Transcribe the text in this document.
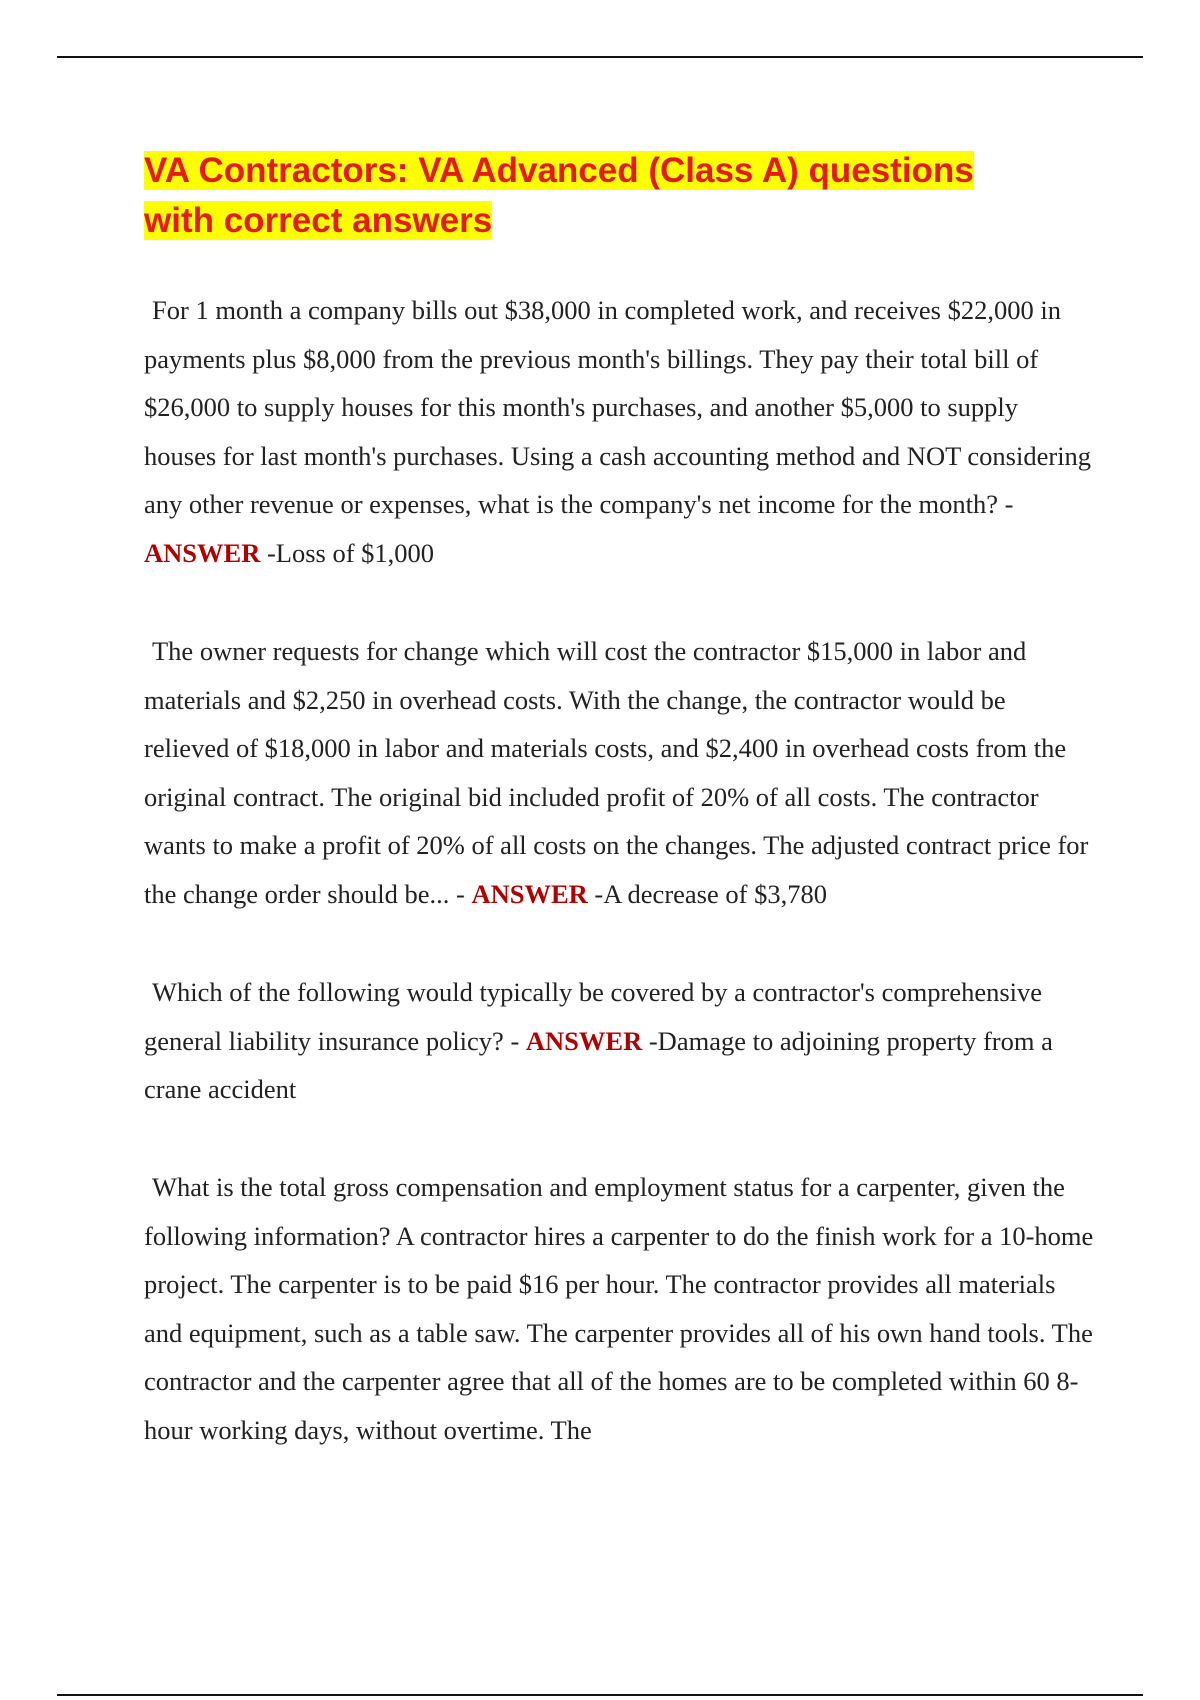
VA Contractors: VA Advanced (Class A) questions with correct answers

For 1 month a company bills out $38,000 in completed work, and receives $22,000 in payments plus $8,000 from the previous month's billings. They pay their total bill of $26,000 to supply houses for this month's purchases, and another $5,000 to supply houses for last month's purchases. Using a cash accounting method and NOT considering any other revenue or expenses, what is the company's net income for the month? - ANSWER -Loss of $1,000

The owner requests for change which will cost the contractor $15,000 in labor and materials and $2,250 in overhead costs. With the change, the contractor would be relieved of $18,000 in labor and materials costs, and $2,400 in overhead costs from the original contract. The original bid included profit of 20% of all costs. The contractor wants to make a profit of 20% of all costs on the changes. The adjusted contract price for the change order should be... - ANSWER -A decrease of $3,780

Which of the following would typically be covered by a contractor's comprehensive general liability insurance policy? - ANSWER -Damage to adjoining property from a crane accident

What is the total gross compensation and employment status for a carpenter, given the following information? A contractor hires a carpenter to do the finish work for a 10-home project. The carpenter is to be paid $16 per hour. The contractor provides all materials and equipment, such as a table saw. The carpenter provides all of his own hand tools. The contractor and the carpenter agree that all of the homes are to be completed within 60 8-hour working days, without overtime. The
